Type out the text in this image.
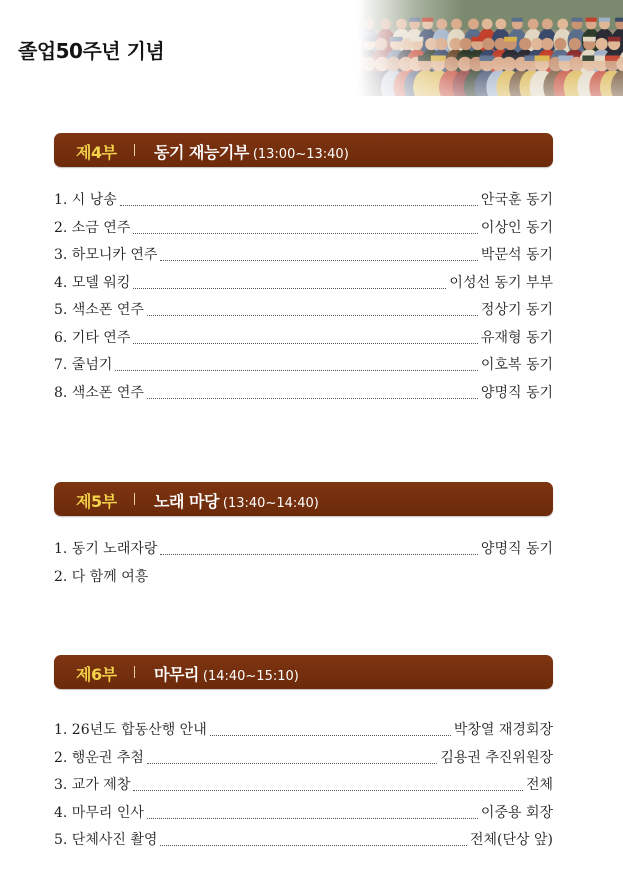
졸업50주년 기념
제4부 동기 재능기부 (13:00~13:40)
1. 시 낭송	안국훈 동기
2. 소금 연주	이상인 동기
3. 하모니카 연주	박문석 동기
4. 모델 워킹	이성선 동기 부부
5. 색소폰 연주	정상기 동기
6. 기타 연주	유재형 동기
7. 줄넘기	이호복 동기
8. 색소폰 연주	양명직 동기
제5부 노래 마당 (13:40~14:40)
1. 동기 노래자랑	양명직 동기
2. 다 함께 여흥
제6부 마무리 (14:40~15:10)
1. 26년도 합동산행 안내	박창열 재경회장
2. 행운권 추첨	김용권 추진위원장
3. 교가 제창	전체
4. 마무리 인사	이중용 회장
5. 단체사진 촬영	전체(단상 앞)
